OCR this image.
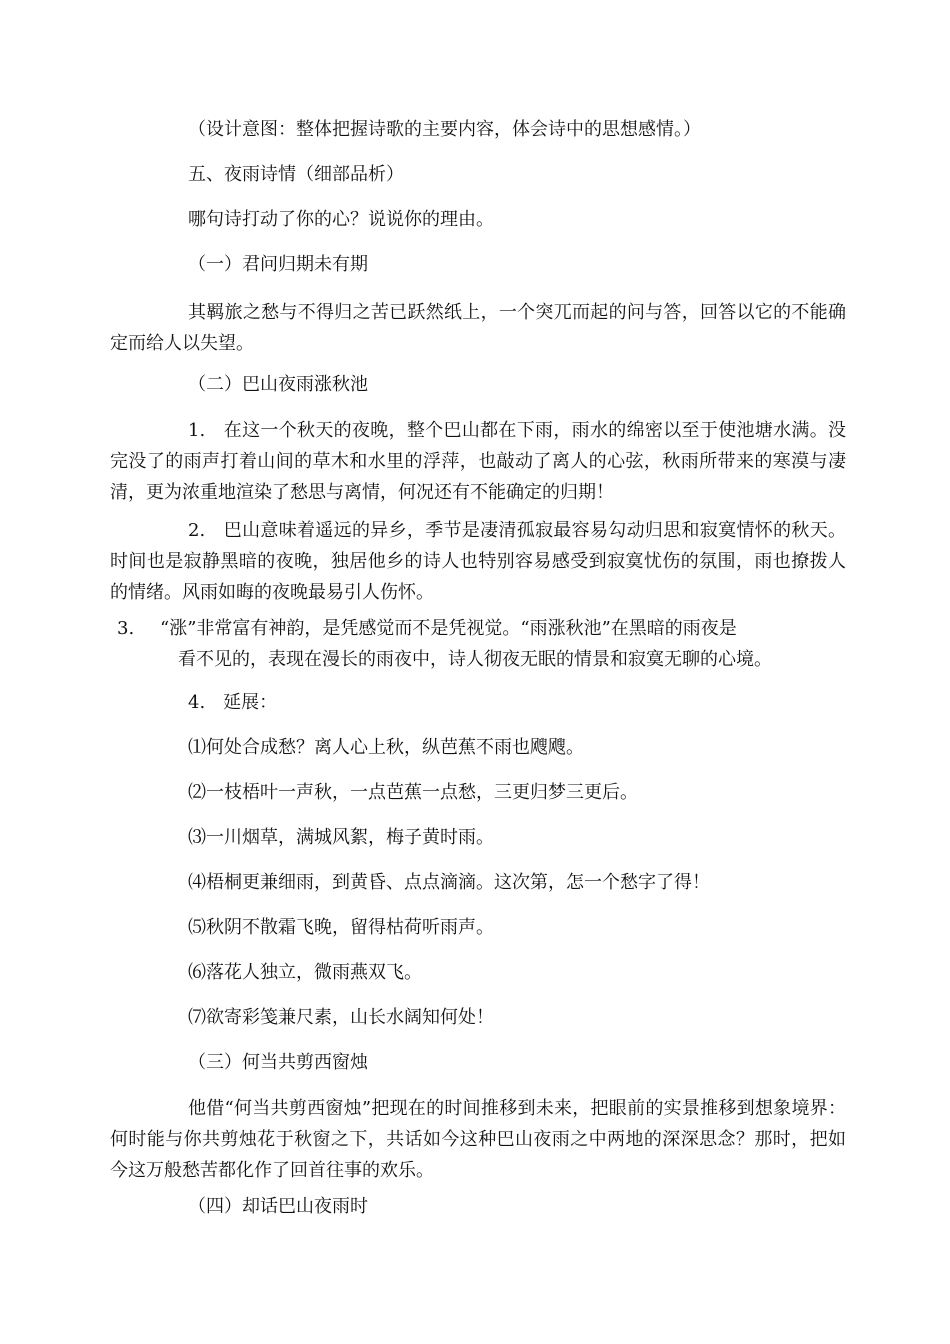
（设计意图：整体把握诗歌的主要内容，体会诗中的思想感情。）
五、夜雨诗情（细部品析）
哪句诗打动了你的心？说说你的理由。
（一）君问归期未有期
其羁旅之愁与不得归之苦已跃然纸上，一个突兀而起的问与答，回答以它的不能确定而给人以失望。
（二）巴山夜雨涨秋池
1.　在这一个秋天的夜晚，整个巴山都在下雨，雨水的绵密以至于使池塘水满。没完没了的雨声打着山间的草木和水里的浮萍，也敲动了离人的心弦，秋雨所带来的寒漠与凄清，更为浓重地渲染了愁思与离情，何况还有不能确定的归期！
2.　巴山意味着遥远的异乡，季节是凄清孤寂最容易勾动归思和寂寞情怀的秋天。时间也是寂静黑暗的夜晚，独居他乡的诗人也特别容易感受到寂寞忧伤的氛围，雨也撩拨人的情绪。风雨如晦的夜晚最易引人伤怀。
3. “涨”非常富有神韵，是凭感觉而不是凭视觉。“雨涨秋池”在黑暗的雨夜是
看不见的，表现在漫长的雨夜中，诗人彻夜无眠的情景和寂寞无聊的心境。
4.　延展：
⑴何处合成愁？离人心上秋，纵芭蕉不雨也飕飕。
⑵一枝梧叶一声秋，一点芭蕉一点愁，三更归梦三更后。
⑶一川烟草，满城风絮，梅子黄时雨。
⑷梧桐更兼细雨，到黄昏、点点滴滴。这次第，怎一个愁字了得！
⑸秋阴不散霜飞晚，留得枯荷听雨声。
⑹落花人独立，微雨燕双飞。
⑺欲寄彩笺兼尺素，山长水阔知何处！
（三）何当共剪西窗烛
他借“何当共剪西窗烛”把现在的时间推移到未来，把眼前的实景推移到想象境界：何时能与你共剪烛花于秋窗之下，共话如今这种巴山夜雨之中两地的深深思念？那时，把如今这万般愁苦都化作了回首往事的欢乐。
（四）却话巴山夜雨时
